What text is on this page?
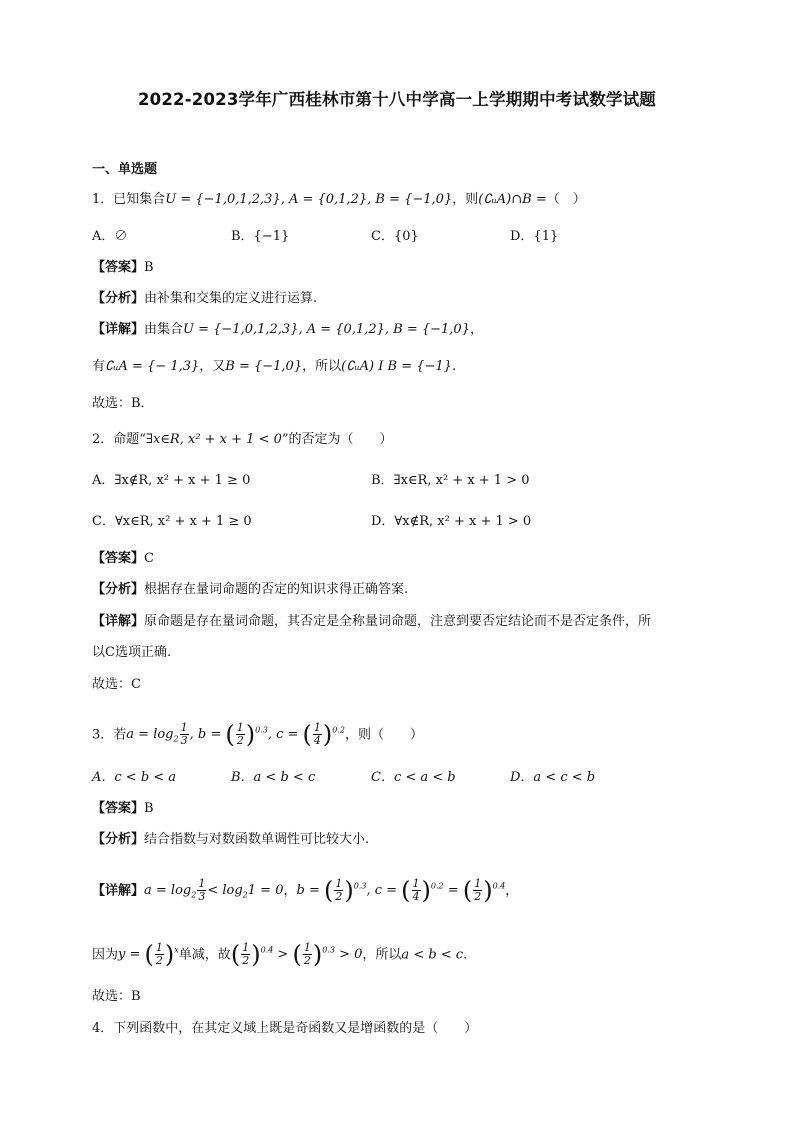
2022-2023学年广西桂林市第十八中学高一上学期期中考试数学试题
一、单选题
1．已知集合U = {−1,0,1,2,3}, A = {0,1,2}, B = {−1,0}，则(∁ᵤA)∩B =（　）
A．∅	B．{−1}	C．{0}	D．{1}
【答案】B
【分析】由补集和交集的定义进行运算.
【详解】由集合U = {−1,0,1,2,3}, A = {0,1,2}, B = {−1,0}，
有∁ᵤA = {− 1,3}，又B = {−1,0}，所以(∁ᵤA) I B = {−1}.
故选：B．
2．命题“∃x∈R, x² + x + 1 < 0”的否定为（　　）
A．∃x∉R, x² + x + 1 ≥ 0	B．∃x∈R, x² + x + 1 > 0
C．∀x∈R, x² + x + 1 ≥ 0	D．∀x∉R, x² + x + 1 > 0
【答案】C
【分析】根据存在量词命题的否定的知识求得正确答案.
【详解】原命题是存在量词命题，其否定是全称量词命题，注意到要否定结论而不是否定条件，所
以C选项正确.
故选：C
3．若$a = \log_2 \frac{1}{3}$ , b = ( $\frac{1}{2} )^{0.3}$, c = ( $\frac{1}{4} )^{0.2}$，则（　　）
A．c < b < a	B．a < b < c	C．c < a < b	D．a < c < b
【答案】B
【分析】结合指数与对数函数单调性可比较大小.
【详解】$a = \log_2 \frac{1}{3} < \log_21 = 0$，b = ( $\frac{1}{2} )^{0.3}$, c = ( $\frac{1}{4} )^{0.2}$ = ( $\frac{1}{2} )^{0.4}$，
因为y = ( $\frac{1}{2} )^x$单减，故( $\frac{1}{2} )^{0.4}$ > ( $\frac{1}{2} )^{0.3} > 0$，所以a < b < c.
故选：B
4．下列函数中，在其定义域上既是奇函数又是增函数的是（　　）
